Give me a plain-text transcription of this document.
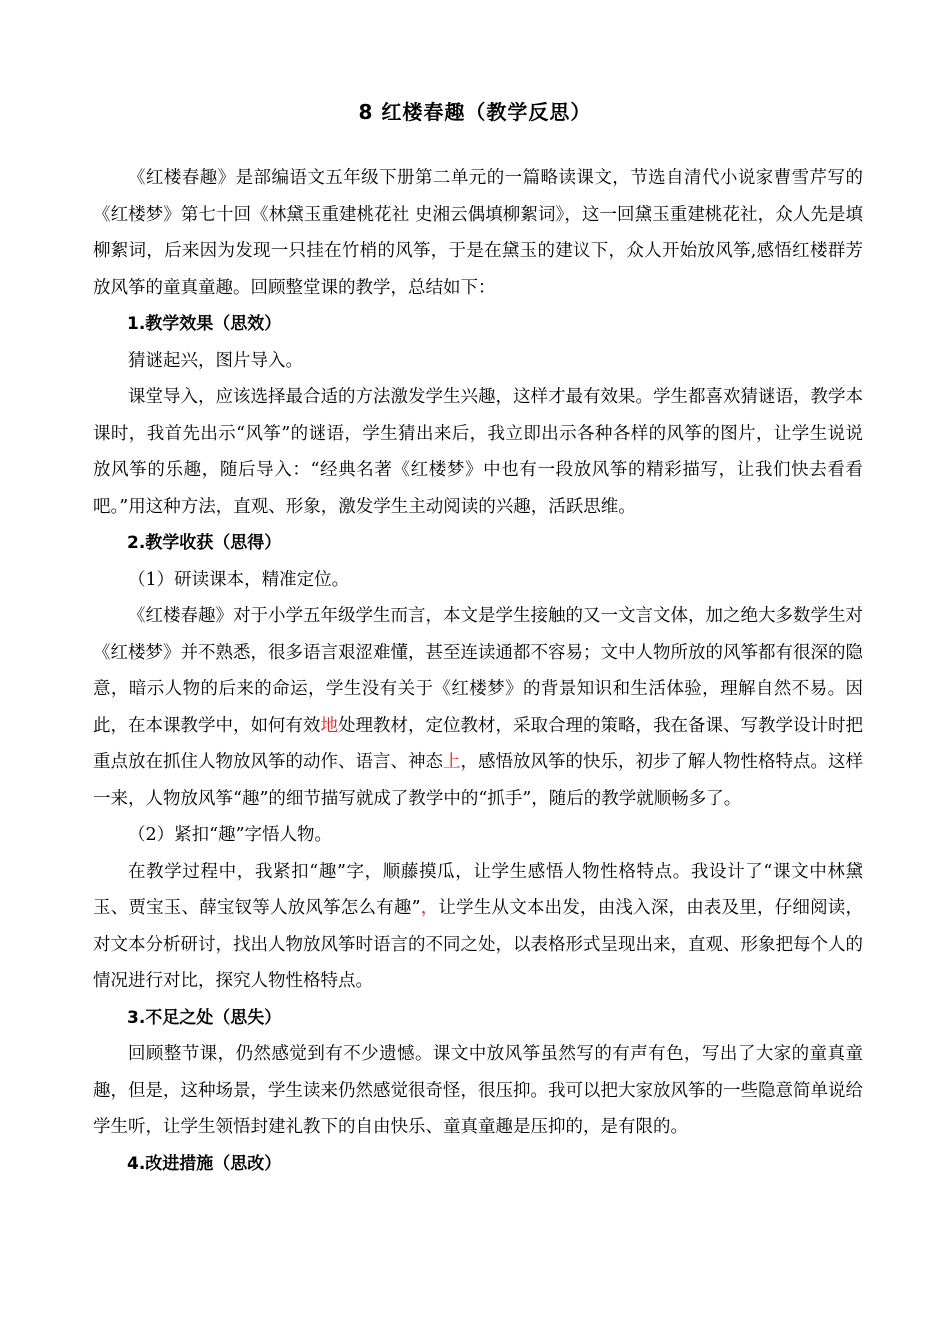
8 红楼春趣（教学反思）

《红楼春趣》是部编语文五年级下册第二单元的一篇略读课文，节选自清代小说家曹雪芹写的《红楼梦》第七十回《林黛玉重建桃花社 史湘云偶填柳絮词》，这一回黛玉重建桃花社，众人先是填柳絮词，后来因为发现一只挂在竹梢的风筝，于是在黛玉的建议下，众人开始放风筝,感悟红楼群芳放风筝的童真童趣。回顾整堂课的教学，总结如下：

1.教学效果（思效）

猜谜起兴，图片导入。

课堂导入，应该选择最合适的方法激发学生兴趣，这样才最有效果。学生都喜欢猜谜语，教学本课时，我首先出示“风筝”的谜语，学生猜出来后，我立即出示各种各样的风筝的图片，让学生说说放风筝的乐趣，随后导入：“经典名著《红楼梦》中也有一段放风筝的精彩描写，让我们快去看看吧。”用这种方法，直观、形象，激发学生主动阅读的兴趣，活跃思维。

2.教学收获（思得）

（1）研读课本，精准定位。

《红楼春趣》对于小学五年级学生而言，本文是学生接触的又一文言文体，加之绝大多数学生对《红楼梦》并不熟悉，很多语言艰涩难懂，甚至连读通都不容易；文中人物所放的风筝都有很深的隐意，暗示人物的后来的命运，学生没有关于《红楼梦》的背景知识和生活体验，理解自然不易。因此，在本课教学中，如何有效地处理教材，定位教材，采取合理的策略，我在备课、写教学设计时把重点放在抓住人物放风筝的动作、语言、神态上，感悟放风筝的快乐，初步了解人物性格特点。这样一来，人物放风筝“趣”的细节描写就成了教学中的“抓手”，随后的教学就顺畅多了。

（2）紧扣“趣”字悟人物。

在教学过程中，我紧扣“趣”字，顺藤摸瓜，让学生感悟人物性格特点。我设计了“课文中林黛玉、贾宝玉、薛宝钗等人放风筝怎么有趣”，让学生从文本出发，由浅入深，由表及里，仔细阅读，对文本分析研讨，找出人物放风筝时语言的不同之处，以表格形式呈现出来，直观、形象把每个人的情况进行对比，探究人物性格特点。

3.不足之处（思失）

回顾整节课，仍然感觉到有不少遗憾。课文中放风筝虽然写的有声有色，写出了大家的童真童趣，但是，这种场景，学生读来仍然感觉很奇怪，很压抑。我可以把大家放风筝的一些隐意简单说给学生听，让学生领悟封建礼教下的自由快乐、童真童趣是压抑的，是有限的。

4.改进措施（思改）
